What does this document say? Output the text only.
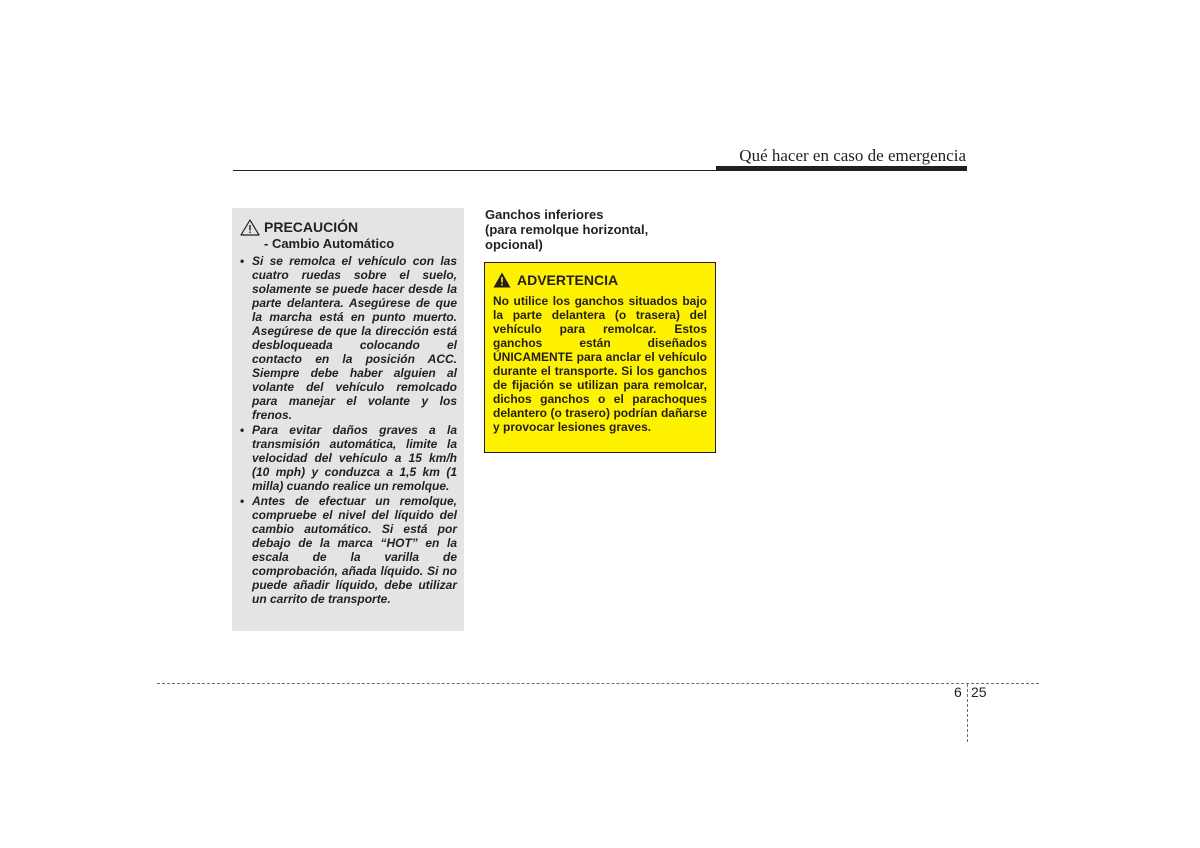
Qué hacer en caso de emergencia
PRECAUCIÓN
- Cambio Automático
• Si se remolca el vehículo con las cuatro ruedas sobre el suelo, solamente se puede hacer desde la parte delantera. Asegúrese de que la marcha está en punto muerto. Asegúrese de que la dirección está desbloqueada colocando el contacto en la posición ACC. Siempre debe haber alguien al volante del vehículo remolcado para manejar el volante y los frenos.
• Para evitar daños graves a la transmisión automática, limite la velocidad del vehículo a 15 km/h (10 mph) y conduzca a 1,5 km (1 milla) cuando realice un remolque.
• Antes de efectuar un remolque, compruebe el nivel del líquido del cambio automático. Si está por debajo de la marca “HOT” en la escala de la varilla de comprobación, añada líquido. Si no puede añadir líquido, debe utilizar un carrito de transporte.
Ganchos inferiores
(para remolque horizontal,
opcional)
ADVERTENCIA
No utilice los ganchos situados bajo la parte delantera (o trasera) del vehículo para remolcar. Estos ganchos están diseñados ÚNICAMENTE para anclar el vehículo durante el transporte. Si los ganchos de fijación se utilizan para remolcar, dichos ganchos o el parachoques delantero (o trasero) podrían dañarse y provocar lesiones graves.
6 25
